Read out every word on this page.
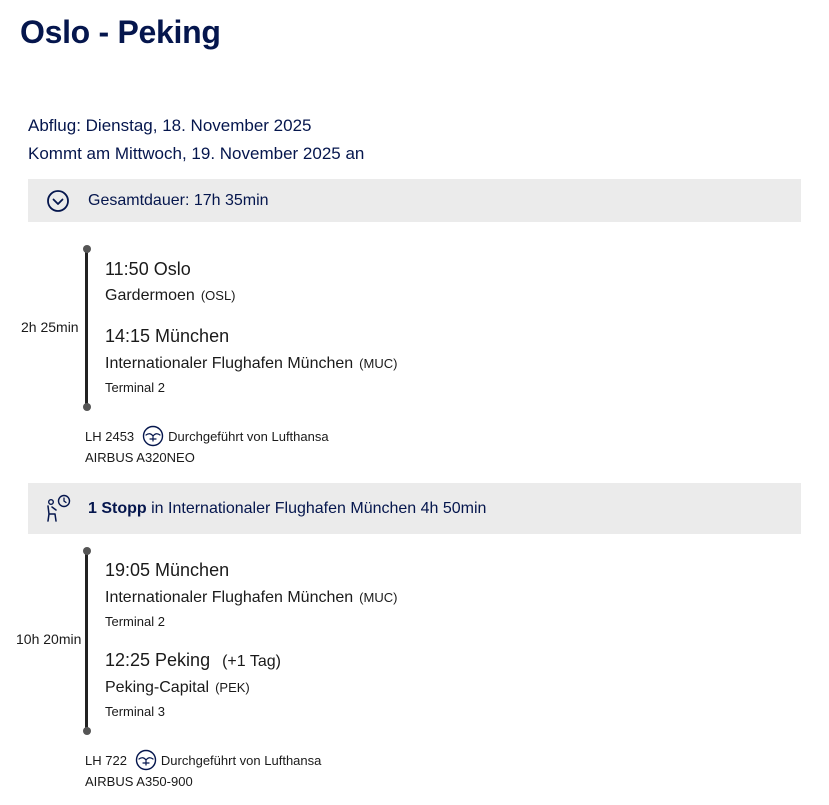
Oslo - Peking
Abflug: Dienstag, 18. November 2025
Kommt am Mittwoch, 19. November 2025 an
Gesamtdauer: 17h 35min
2h 25min
11:50 Oslo
Gardermoen (OSL)
14:15 München
Internationaler Flughafen München (MUC)
Terminal 2
LH 2453	Durchgeführt von Lufthansa
AIRBUS A320NEO
1 Stopp in Internationaler Flughafen München 4h 50min
10h 20min
19:05 München
Internationaler Flughafen München (MUC)
Terminal 2
12:25 Peking (+1 Tag)
Peking-Capital (PEK)
Terminal 3
LH 722	Durchgeführt von Lufthansa
AIRBUS A350-900
